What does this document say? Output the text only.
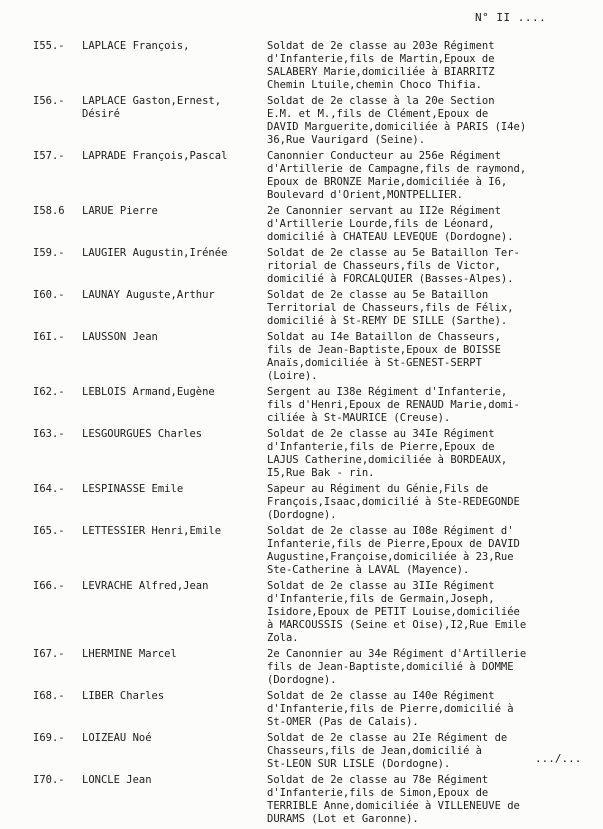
N° II ....
I55.-	LAPLACE François,	Soldat de 2e classe au 203e Régiment
d'Infanterie,fils de Martin,Epoux de
SALABERY Marie,domiciliée à BIARRITZ
Chemin Ltuile,chemin Choco Thifia.
I56.-	LAPLACE Gaston,Ernest,
Désiré
Soldat de 2e classe à la 20e Section
E.M. et M.,fils de Clément,Epoux de
DAVID Marguerite,domiciliée à PARIS (I4e)
36,Rue Vaurigard (Seine).
I57.-	LAPRADE François,Pascal	Canonnier Conducteur au 256e Régiment
d'Artillerie de Campagne,fils de raymond,
Epoux de BRONZE Marie,domiciliée à I6,
Boulevard d'Orient,MONTPELLIER.
I58.6	LARUE Pierre	2e Canonnier servant au II2e Régiment
d'Artillerie Lourde,fils de Léonard,
domicilié à CHATEAU LEVEQUE (Dordogne).
I59.-	LAUGIER Augustin,Irénée	Soldat de 2e classe au 5e Bataillon Ter-
ritorial de Chasseurs,fils de Victor,
domicilié à FORCALQUIER (Basses-Alpes).
I60.-	LAUNAY Auguste,Arthur	Soldat de 2e classe au 5e Bataillon
Territorial de Chasseurs,fils de Félix,
domicilié à St-REMY DE SILLE (Sarthe).
I6I.-	LAUSSON Jean	Soldat au I4e Bataillon de Chasseurs,
fils de Jean-Baptiste,Epoux de BOISSE
Anaïs,domiciliée à St-GENEST-SERPT
(Loire).
I62.-	LEBLOIS Armand,Eugène	Sergent au I38e Régiment d'Infanterie,
fils d'Henri,Epoux de RENAUD Marie,domi-
ciliée à St-MAURICE (Creuse).
I63.-	LESGOURGUES Charles	Soldat de 2e classe au 34Ie Régiment
d'Infanterie,fils de Pierre,Epoux de
LAJUS Catherine,domiciliée à BORDEAUX,
I5,Rue Bak - rin.
I64.-	LESPINASSE Emile	Sapeur au Régiment du Génie,Fils de
François,Isaac,domicilié à Ste-REDEGONDE
(Dordogne).
I65.-	LETTESSIER Henri,Emile	Soldat de 2e classe au I08e Régiment d'
Infanterie,fils de Pierre,Epoux de DAVID
Augustine,Françoise,domiciliée à 23,Rue
Ste-Catherine à LAVAL (Mayence).
I66.-	LEVRACHE Alfred,Jean	Soldat de 2e classe au 3IIe Régiment
d'Infanterie,fils de Germain,Joseph,
Isidore,Epoux de PETIT Louise,domiciliée
à MARCOUSSIS (Seine et Oise),I2,Rue Emile
Zola.
I67.-	LHERMINE Marcel	2e Canonnier au 34e Régiment d'Artillerie
fils de Jean-Baptiste,domicilié à DOMME
(Dordogne).
I68.-	LIBER Charles	Soldat de 2e classe au I40e Régiment
d'Infanterie,fils de Pierre,domicilié à
St-OMER (Pas de Calais).
I69.-	LOIZEAU Noé	Soldat de 2e classe au 2Ie Régiment de
Chasseurs,fils de Jean,domicilié à
St-LEON SUR LISLE (Dordogne).
I70.-	LONCLE Jean	Soldat de 2e classe au 78e Régiment
d'Infanterie,fils de Simon,Epoux de
TERRIBLE Anne,domiciliée à VILLENEUVE de
DURAMS (Lot et Garonne).
.../...
